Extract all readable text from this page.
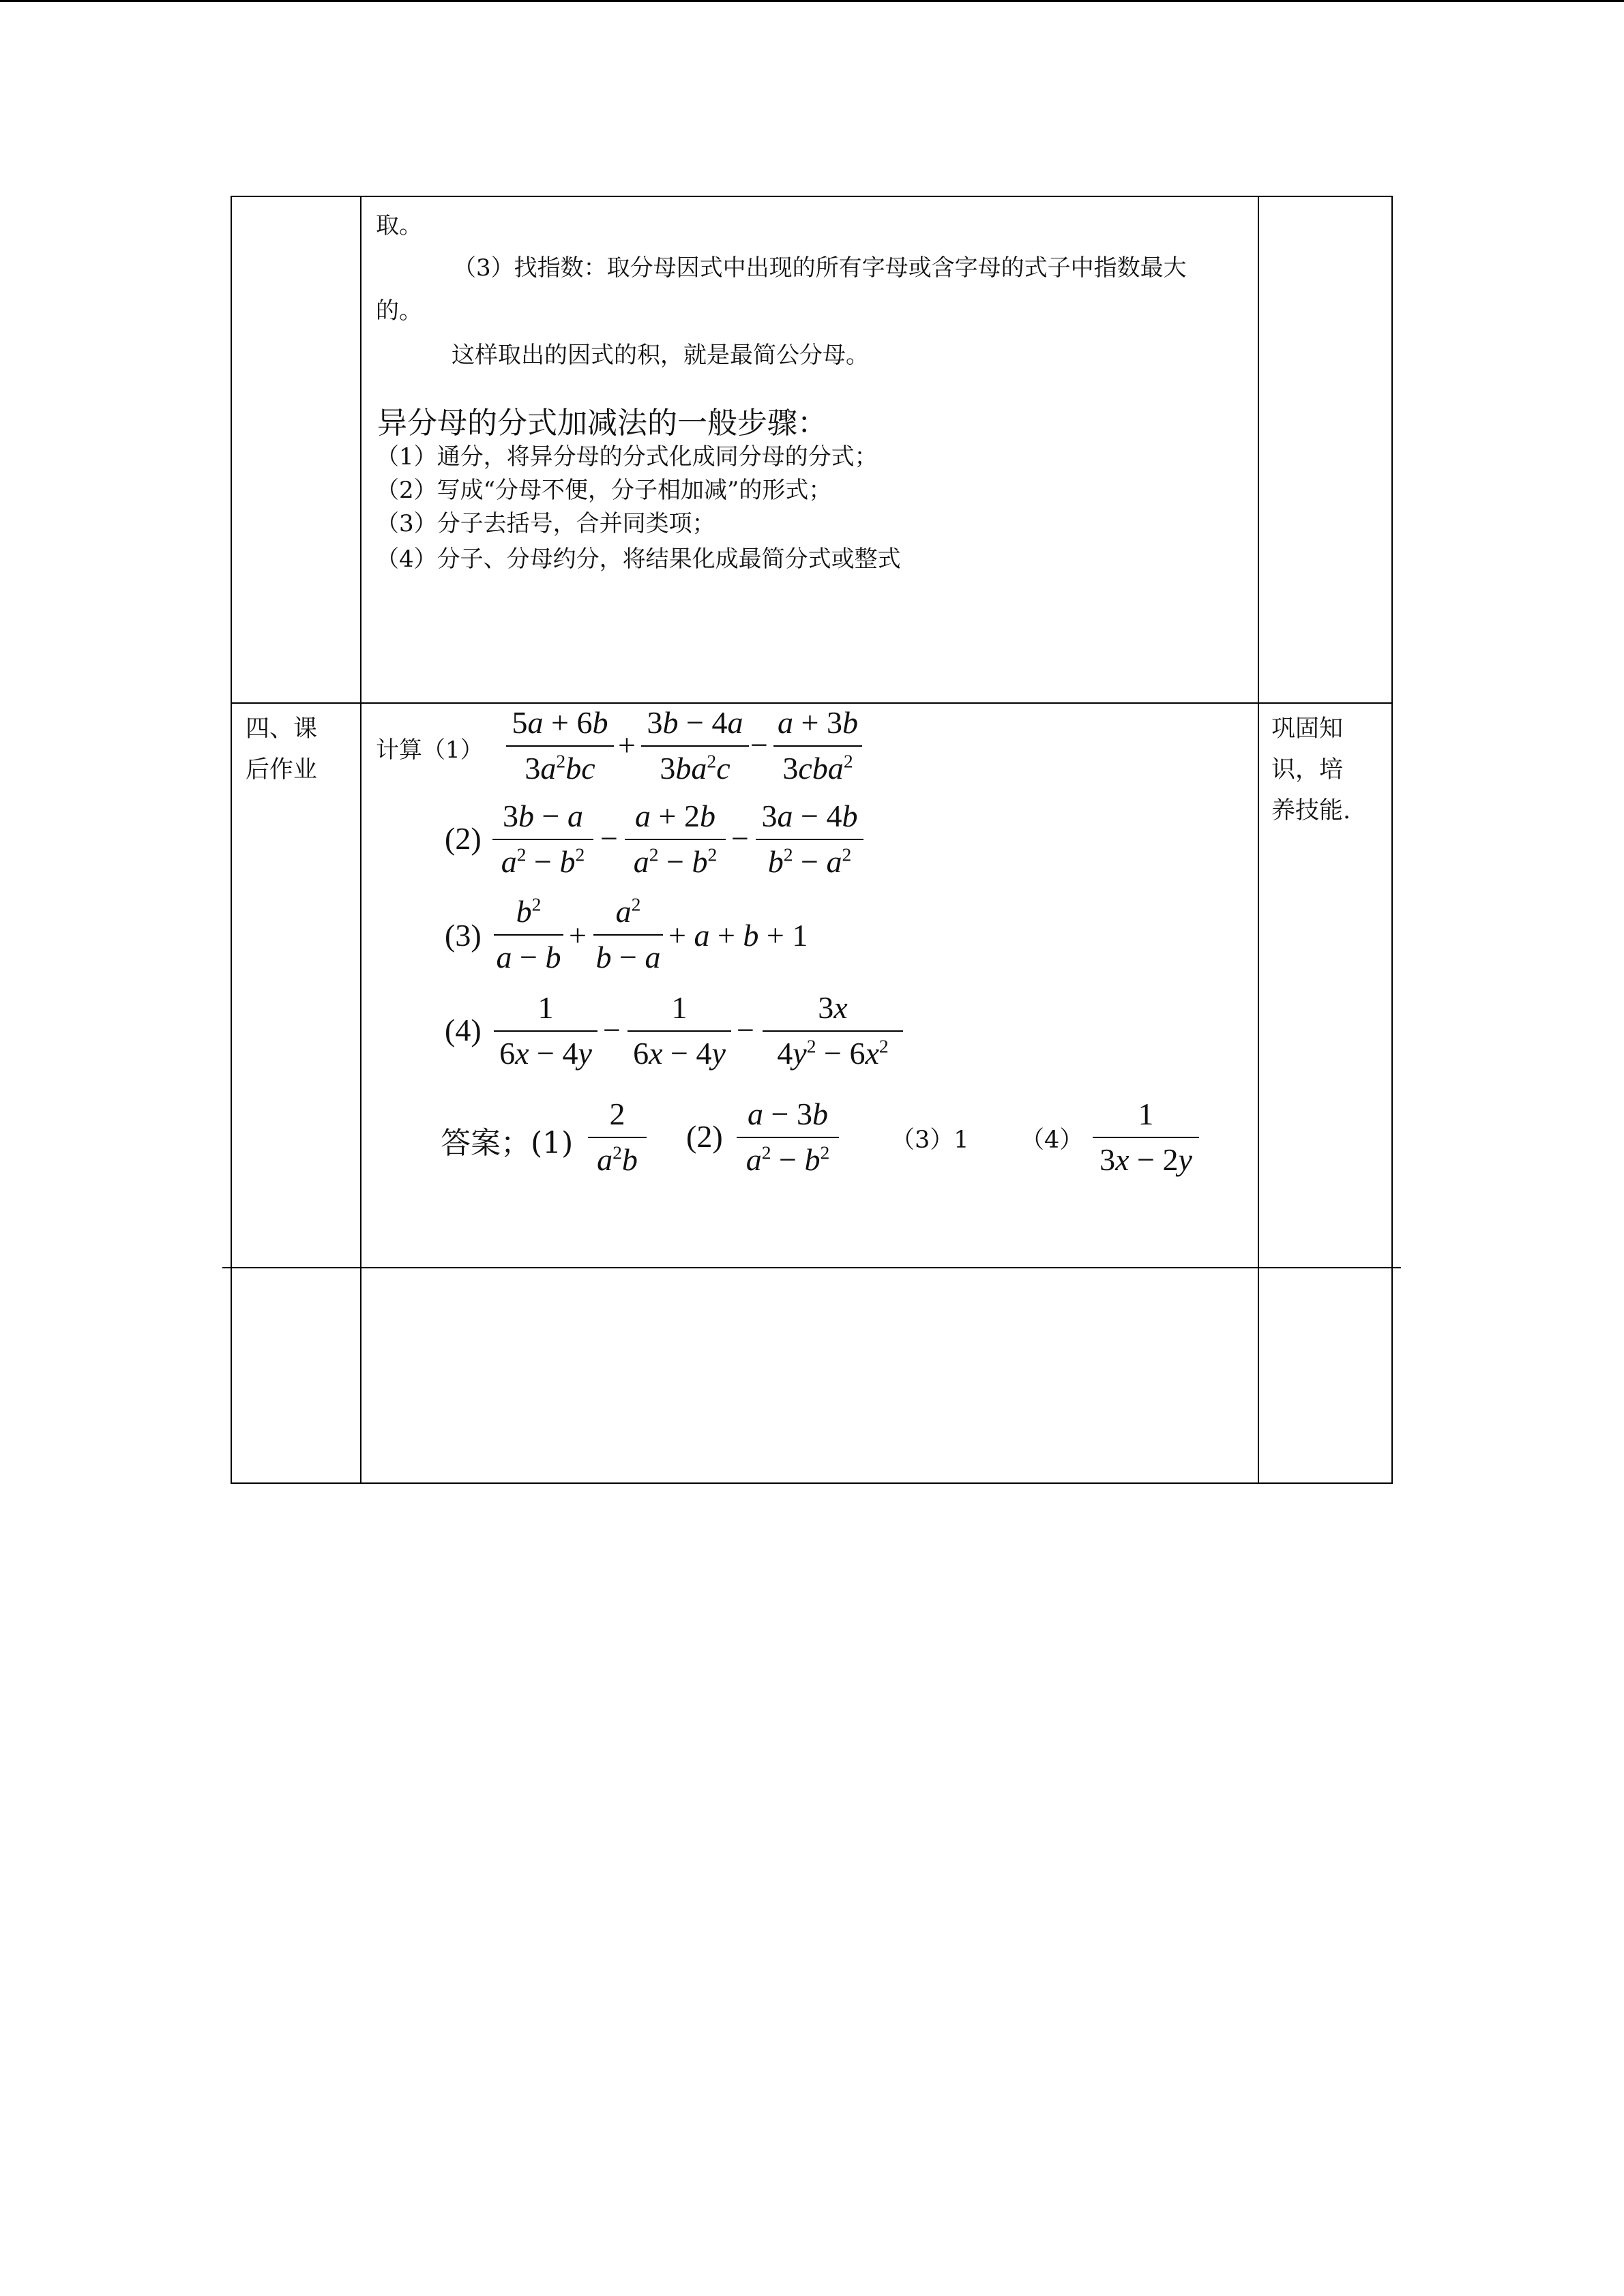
取。
（3）找指数：取分母因式中出现的所有字母或含字母的式子中指数最大
的。
这样取出的因式的积，就是最简公分母。
异分母的分式加减法的一般步骤：
（1）通分，将异分母的分式化成同分母的分式；
（2）写成“分母不便，分子相加减”的形式；
（3）分子去括号，合并同类项；
（4）分子、分母约分，将结果化成最简分式或整式
四、课
后作业
巩固知
识，培
养技能.
计算（1）
5a + 6b
$3a^2bc$
+
3b − 4a
$3ba^2c$
−
a + 3b
3cba$^2$
(2)
3b − a
$a^2 - b^2$ −
a + 2b
$a^2 - b^2$ −
3a − 4b
$b^2 - a^2$
(3)
$b^2$
a − b
+
$a^2$
b − a
+ a + b + 1
(4)
1
6x − 4y
−
1
6x − 4y
−
3x
$4y^2 - 6x^2$
答案；(1)
2
$a^2b$
(2)
a − 3b
$a^2 - b^2$	（3）1 （4）
1
3x − 2y
